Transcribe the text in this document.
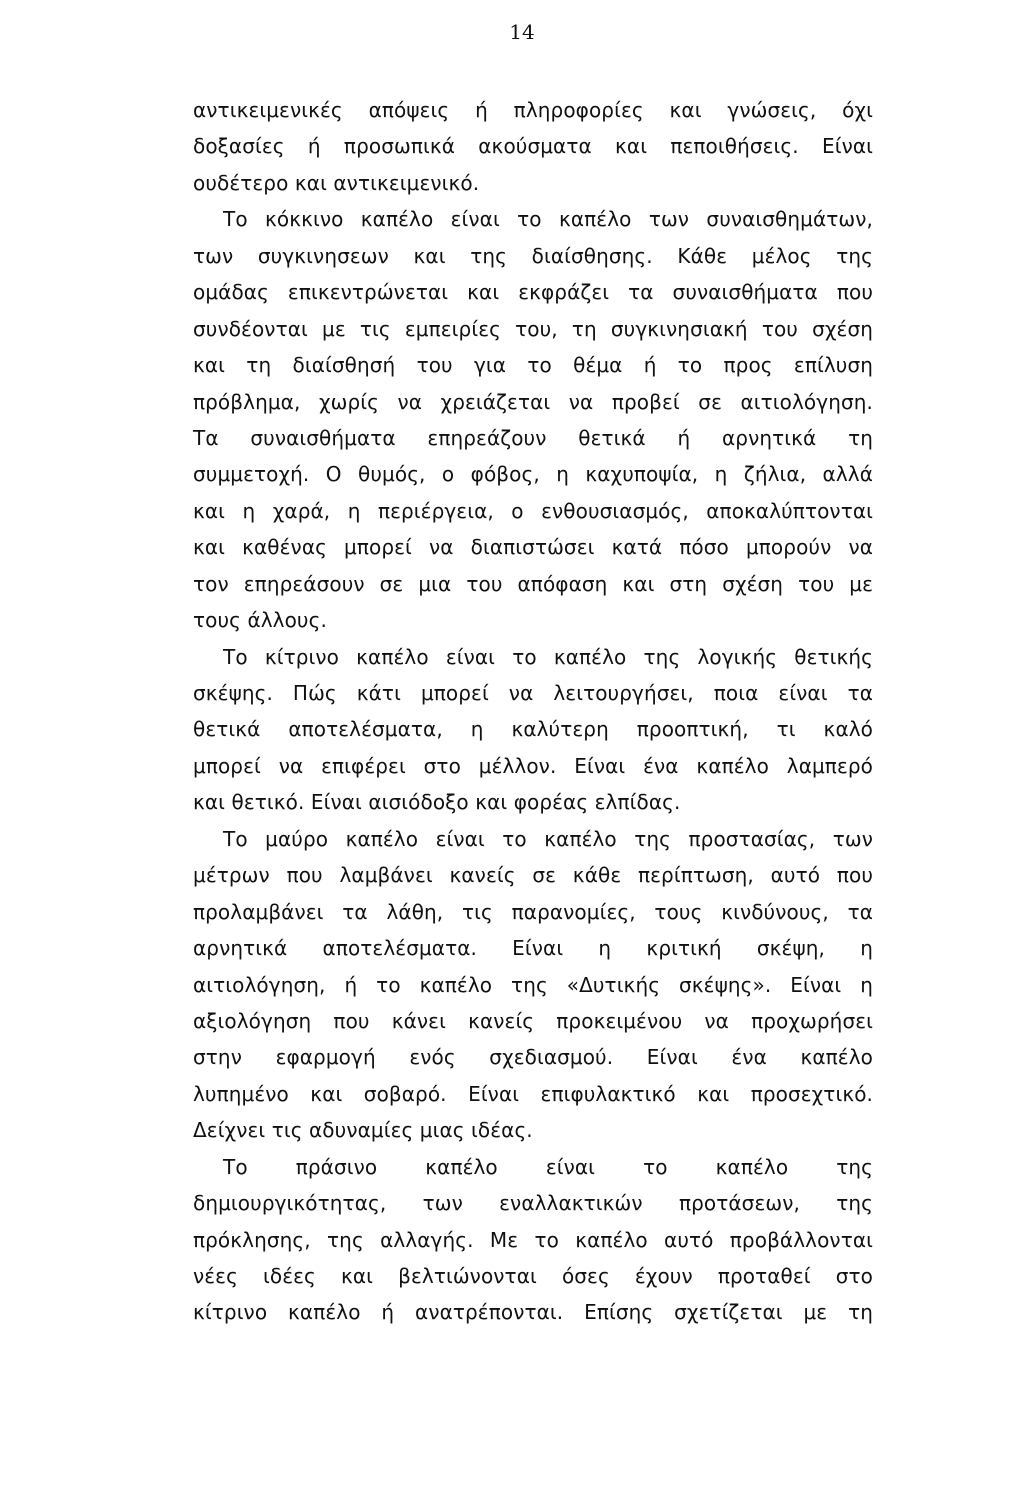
14
αντικειμενικές απόψεις ή πληροφορίες και γνώσεις, όχι
δοξασίες ή προσωπικά ακούσματα και πεποιθήσεις. Είναι
ουδέτερο και αντικειμενικό.
Το κόκκινο καπέλο είναι το καπέλο των συναισθημάτων,
των συγκινησεων και της διαίσθησης. Κάθε μέλος της
ομάδας επικεντρώνεται και εκφράζει τα συναισθήματα που
συνδέονται με τις εμπειρίες του, τη συγκινησιακή του σχέση
και τη διαίσθησή του για το θέμα ή το προς επίλυση
πρόβλημα, χωρίς να χρειάζεται να προβεί σε αιτιολόγηση.
Τα συναισθήματα επηρεάζουν θετικά ή αρνητικά τη
συμμετοχή. Ο θυμός, ο φόβος, η καχυποψία, η ζήλια, αλλά
και η χαρά, η περιέργεια, ο ενθουσιασμός, αποκαλύπτονται
και καθένας μπορεί να διαπιστώσει κατά πόσο μπορούν να
τον επηρεάσουν σε μια του απόφαση και στη σχέση του με
τους άλλους.
Το κίτρινο καπέλο είναι το καπέλο της λογικής θετικής
σκέψης. Πώς κάτι μπορεί να λειτουργήσει, ποια είναι τα
θετικά αποτελέσματα, η καλύτερη προοπτική, τι καλό
μπορεί να επιφέρει στο μέλλον. Είναι ένα καπέλο λαμπερό
και θετικό. Είναι αισιόδοξο και φορέας ελπίδας.
Το μαύρο καπέλο είναι το καπέλο της προστασίας, των
μέτρων που λαμβάνει κανείς σε κάθε περίπτωση, αυτό που
προλαμβάνει τα λάθη, τις παρανομίες, τους κινδύνους, τα
αρνητικά αποτελέσματα. Είναι η κριτική σκέψη, η
αιτιολόγηση, ή το καπέλο της «Δυτικής σκέψης». Είναι η
αξιολόγηση που κάνει κανείς προκειμένου να προχωρήσει
στην εφαρμογή ενός σχεδιασμού. Είναι ένα καπέλο
λυπημένο και σοβαρό. Είναι επιφυλακτικό και προσεχτικό.
Δείχνει τις αδυναμίες μιας ιδέας.
Το πράσινο καπέλο είναι το καπέλο της
δημιουργικότητας, των εναλλακτικών προτάσεων, της
πρόκλησης, της αλλαγής. Με το καπέλο αυτό προβάλλονται
νέες ιδέες και βελτιώνονται όσες έχουν προταθεί στο
κίτρινο καπέλο ή ανατρέπονται. Επίσης σχετίζεται με τη
